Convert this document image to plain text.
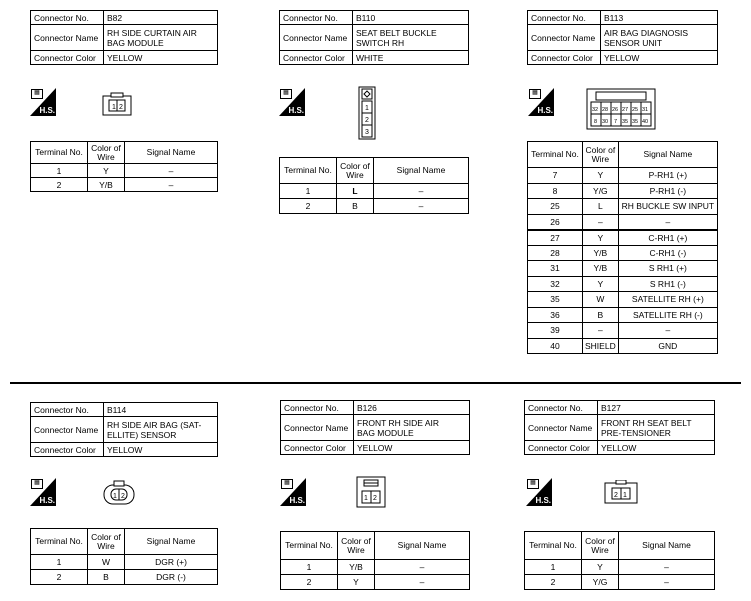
Connector No.	B82
Connector Name	RH SIDE CURTAIN AIR
BAG MODULE
Connector Color	YELLOW
▦
H.S.	1 2
Terminal No.	Color of
Wire	Signal Name
1	Y	–
2	Y/B	–
Connector No.	B110
Connector Name	SEAT BELT BUCKLE
SWITCH RH
Connector Color	WHITE
▦
H.S.	1
2
3
Terminal No.	Color of
Wire	Signal Name
1	L	–
2	B	–
Connector No.	B113
Connector Name	AIR BAG DIAGNOSIS
SENSOR UNIT
Connector Color	YELLOW
▦
H.S.	32 28 26 27 25 31
8 30 7 35 35 40
Terminal No.	Color of
Wire	Signal Name
7	Y	P-RH1 (+)
8	Y/G	P-RH1 (-)
25	L	RH BUCKLE SW INPUT
26	–	–
27	Y	C-RH1 (+)
28	Y/B	C-RH1 (-)
31	Y/B	S RH1 (+)
32	Y	S RH1 (-)
35	W	SATELLITE RH (+)
36	B	SATELLITE RH (-)
39	–	–
40	SHIELD	GND
Connector No.	B114
Connector Name	RH SIDE AIR BAG (SAT-
ELLITE) SENSOR
Connector Color	YELLOW
▦
H.S.	1 2
Terminal No.	Color of
Wire	Signal Name
1	W	DGR (+)
2	B	DGR (-)
Connector No.	B126
Connector Name	FRONT RH SIDE AIR
BAG MODULE
Connector Color	YELLOW
▦
H.S.	1 2
Terminal No.	Color of
Wire	Signal Name
1	Y/B	–
2	Y	–
Connector No.	B127
Connector Name	FRONT RH SEAT BELT
PRE-TENSIONER
Connector Color	YELLOW
▦
H.S.
2 1
Terminal No.	Color of
Wire	Signal Name
1	Y	–
2	Y/G	–
